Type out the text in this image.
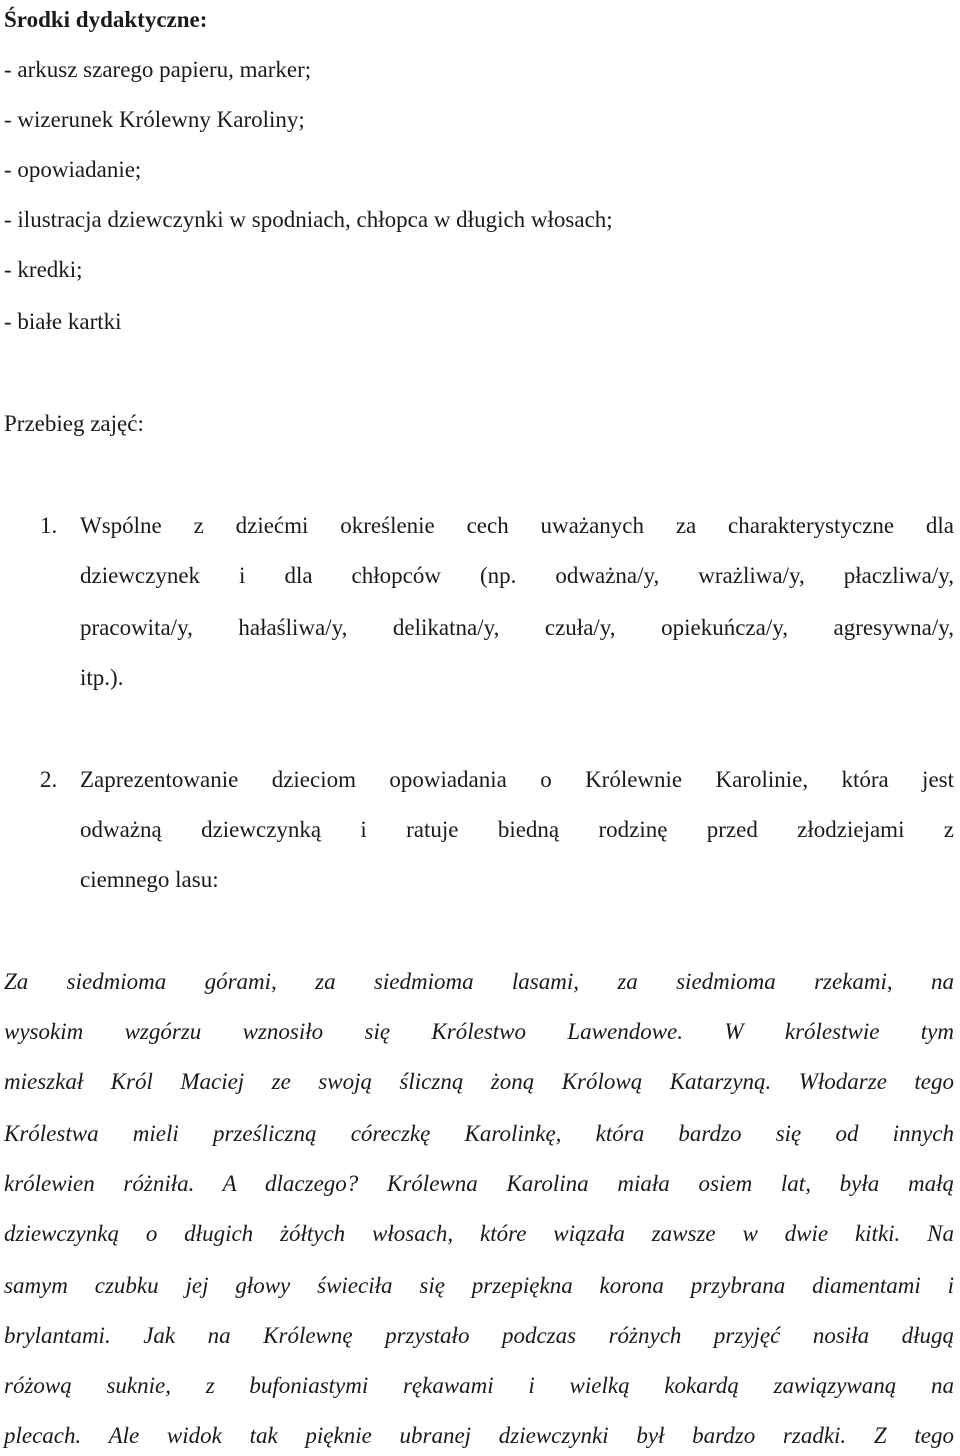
Środki dydaktyczne:
- arkusz szarego papieru, marker;
- wizerunek Królewny Karoliny;
- opowiadanie;
- ilustracja dziewczynki w spodniach, chłopca w długich włosach;
- kredki;
- białe kartki
Przebieg zajęć:
1. Wspólne z dziećmi określenie cech uważanych za charakterystyczne dla
dziewczynek i dla chłopców (np. odważna/y, wrażliwa/y, płaczliwa/y,
pracowita/y, hałaśliwa/y, delikatna/y, czuła/y, opiekuńcza/y, agresywna/y,
itp.).
2. Zaprezentowanie dzieciom opowiadania o Królewnie Karolinie, która jest
odważną dziewczynką i ratuje biedną rodzinę przed złodziejami z
ciemnego lasu:
Za siedmioma górami, za siedmioma lasami, za siedmioma rzekami, na
wysokim wzgórzu wznosiło się Królestwo Lawendowe. W królestwie tym
mieszkał Król Maciej ze swoją śliczną żoną Królową Katarzyną. Włodarze tego
Królestwa mieli prześliczną córeczkę Karolinkę, która bardzo się od innych
królewien różniła. A dlaczego? Królewna Karolina miała osiem lat, była małą
dziewczynką o długich żółtych włosach, które wiązała zawsze w dwie kitki. Na
samym czubku jej głowy świeciła się przepiękna korona przybrana diamentami i
brylantami. Jak na Królewnę przystało podczas różnych przyjęć nosiła długą
różową suknie, z bufoniastymi rękawami i wielką kokardą zawiązywaną na
plecach. Ale widok tak pięknie ubranej dziewczynki był bardzo rzadki. Z tego
